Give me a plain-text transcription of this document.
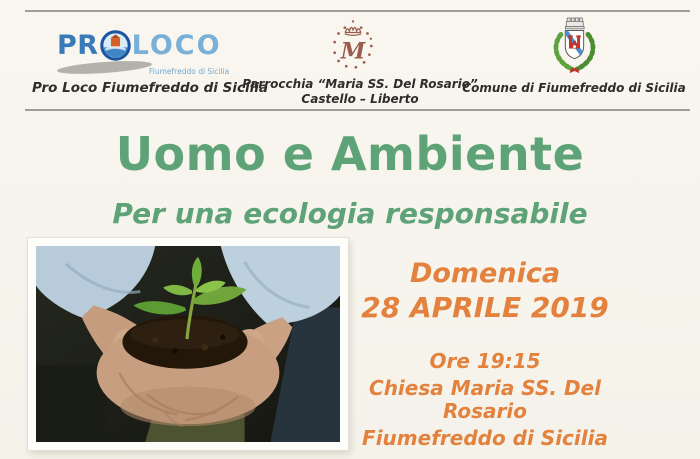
PR LOCO
Fiumefreddo di Sicilia
Pro Loco Fiumefreddo di Sicilia
M
Parrocchia “Maria SS. Del Rosario”
Castello – Liberto
Comune di Fiumefreddo di Sicilia
Uomo e Ambiente
Per una ecologia responsabile
Domenica
28 APRILE 2019
Ore 19:15
Chiesa Maria SS. Del Rosario
Fiumefreddo di Sicilia
